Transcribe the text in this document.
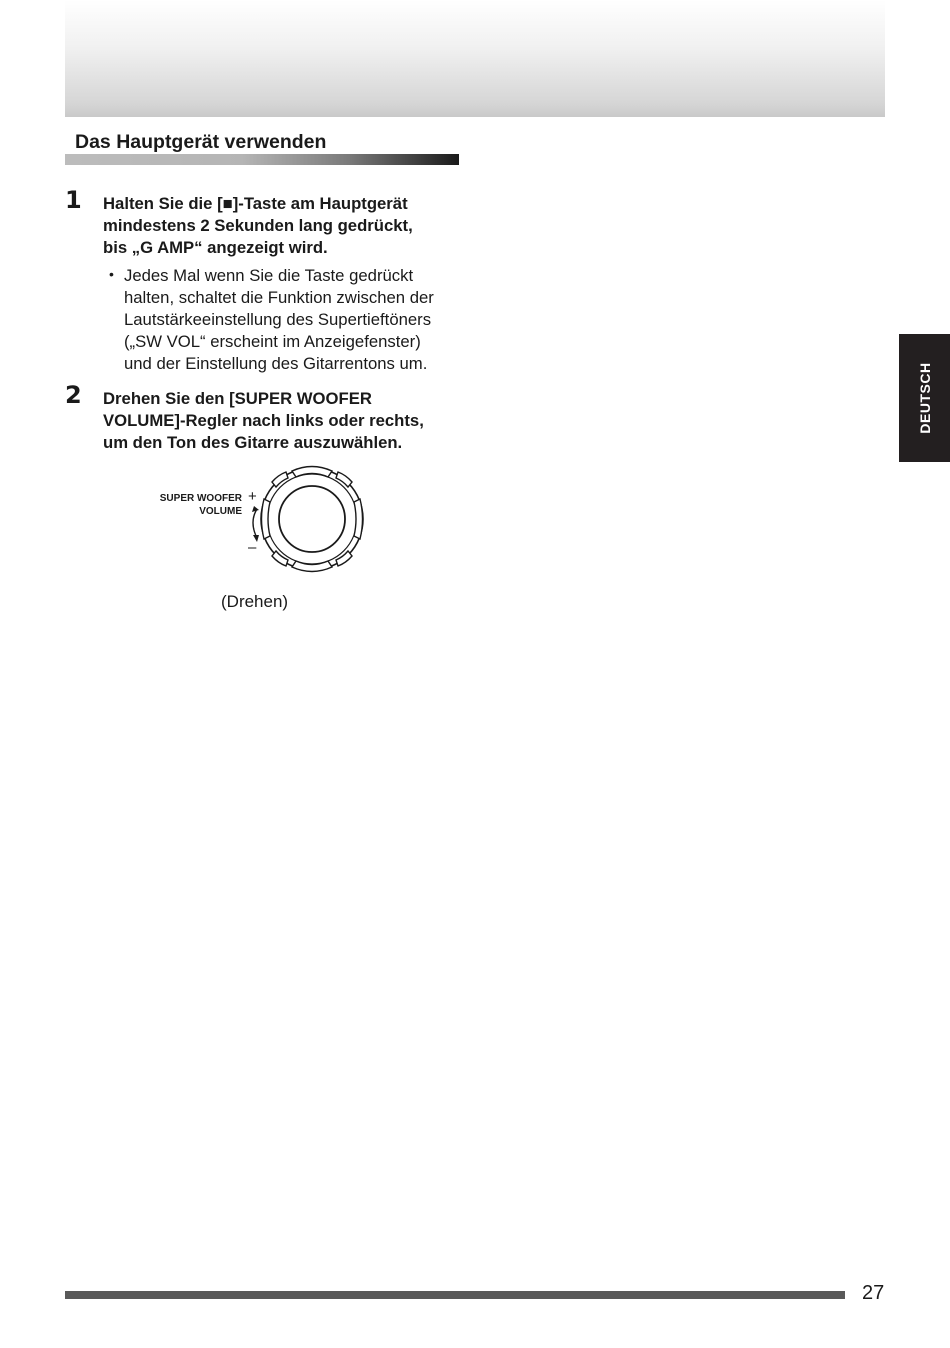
Das Hauptgerät verwenden
1 Halten Sie die [■]-Taste am Hauptgerät
mindestens 2 Sekunden lang gedrückt,
bis „G AMP“ angezeigt wird.
• Jedes Mal wenn Sie die Taste gedrückt
halten, schaltet die Funktion zwischen der
Lautstärkeeinstellung des Supertieftöners
(„SW VOL“ erscheint im Anzeigefenster)
und der Einstellung des Gitarrentons um.
2 Drehen Sie den [SUPER WOOFER
VOLUME]-Regler nach links oder rechts,
um den Ton des Gitarre auszuwählen.
SUPER WOOFER
VOLUME
+
–
(Drehen)
DEUTSCH
27
